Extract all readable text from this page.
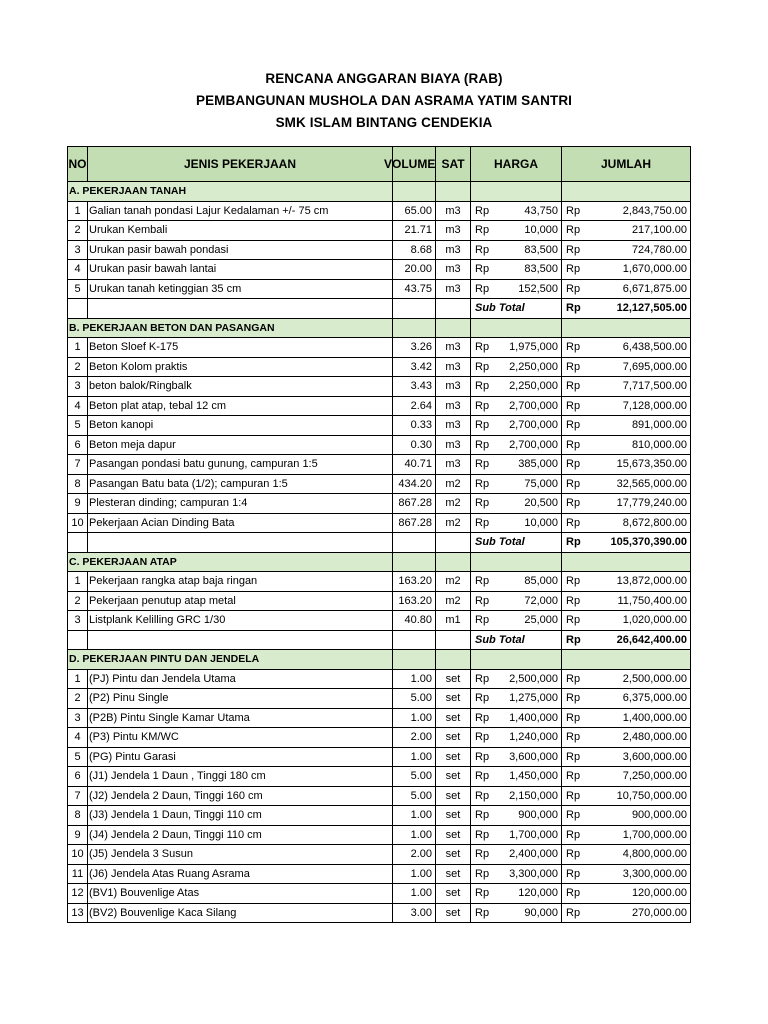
RENCANA ANGGARAN BIAYA (RAB)
PEMBANGUNAN MUSHOLA DAN ASRAMA YATIM SANTRI
SMK ISLAM BINTANG CENDEKIA
NO	JENIS PEKERJAAN	VOLUME	SAT	HARGA		JUMLAH	
A. PEKERJAAN TANAH							
1	Galian tanah pondasi Lajur Kedalaman +/- 75 cm	65.00	m3	Rp	43,750	Rp	2,843,750.00
2	Urukan Kembali	21.71	m3	Rp	10,000	Rp	217,100.00
3	Urukan pasir bawah pondasi	8.68	m3	Rp	83,500	Rp	724,780.00
4	Urukan pasir bawah lantai	20.00	m3	Rp	83,500	Rp	1,670,000.00
5	Urukan tanah ketinggian 35 cm	43.75	m3	Rp	152,500	Rp	6,671,875.00
				Sub Total		Rp	12,127,505.00
B. PEKERJAAN BETON DAN PASANGAN							
1	Beton Sloef K-175	3.26	m3	Rp	1,975,000	Rp	6,438,500.00
2	Beton Kolom praktis	3.42	m3	Rp	2,250,000	Rp	7,695,000.00
3	beton balok/Ringbalk	3.43	m3	Rp	2,250,000	Rp	7,717,500.00
4	Beton plat atap, tebal 12 cm	2.64	m3	Rp	2,700,000	Rp	7,128,000.00
5	Beton kanopi	0.33	m3	Rp	2,700,000	Rp	891,000.00
6	Beton meja dapur	0.30	m3	Rp	2,700,000	Rp	810,000.00
7	Pasangan pondasi batu gunung, campuran 1:5	40.71	m3	Rp	385,000	Rp	15,673,350.00
8	Pasangan Batu bata (1/2); campuran 1:5	434.20	m2	Rp	75,000	Rp	32,565,000.00
9	Plesteran dinding; campuran 1:4	867.28	m2	Rp	20,500	Rp	17,779,240.00
10	Pekerjaan Acian Dinding Bata	867.28	m2	Rp	10,000	Rp	8,672,800.00
				Sub Total		Rp	105,370,390.00
C. PEKERJAAN ATAP							
1	Pekerjaan rangka atap baja ringan	163.20	m2	Rp	85,000	Rp	13,872,000.00
2	Pekerjaan penutup atap metal	163.20	m2	Rp	72,000	Rp	11,750,400.00
3	Listplank Kelilling GRC 1/30	40.80	m1	Rp	25,000	Rp	1,020,000.00
				Sub Total		Rp	26,642,400.00
D. PEKERJAAN PINTU DAN JENDELA							
1	(PJ) Pintu dan Jendela Utama	1.00	set	Rp	2,500,000	Rp	2,500,000.00
2	(P2) Pinu Single	5.00	set	Rp	1,275,000	Rp	6,375,000.00
3	(P2B) Pintu Single Kamar Utama	1.00	set	Rp	1,400,000	Rp	1,400,000.00
4	(P3) Pintu KM/WC	2.00	set	Rp	1,240,000	Rp	2,480,000.00
5	(PG) Pintu Garasi	1.00	set	Rp	3,600,000	Rp	3,600,000.00
6	(J1) Jendela 1 Daun , Tinggi 180 cm	5.00	set	Rp	1,450,000	Rp	7,250,000.00
7	(J2) Jendela 2 Daun, Tinggi 160 cm	5.00	set	Rp	2,150,000	Rp	10,750,000.00
8	(J3) Jendela 1 Daun, Tinggi 110 cm	1.00	set	Rp	900,000	Rp	900,000.00
9	(J4) Jendela 2 Daun, Tinggi 110 cm	1.00	set	Rp	1,700,000	Rp	1,700,000.00
10	(J5) Jendela 3 Susun	2.00	set	Rp	2,400,000	Rp	4,800,000.00
11	(J6) Jendela Atas Ruang Asrama	1.00	set	Rp	3,300,000	Rp	3,300,000.00
12	(BV1) Bouvenlige Atas	1.00	set	Rp	120,000	Rp	120,000.00
13	(BV2) Bouvenlige Kaca Silang	3.00	set	Rp	90,000	Rp	270,000.00
